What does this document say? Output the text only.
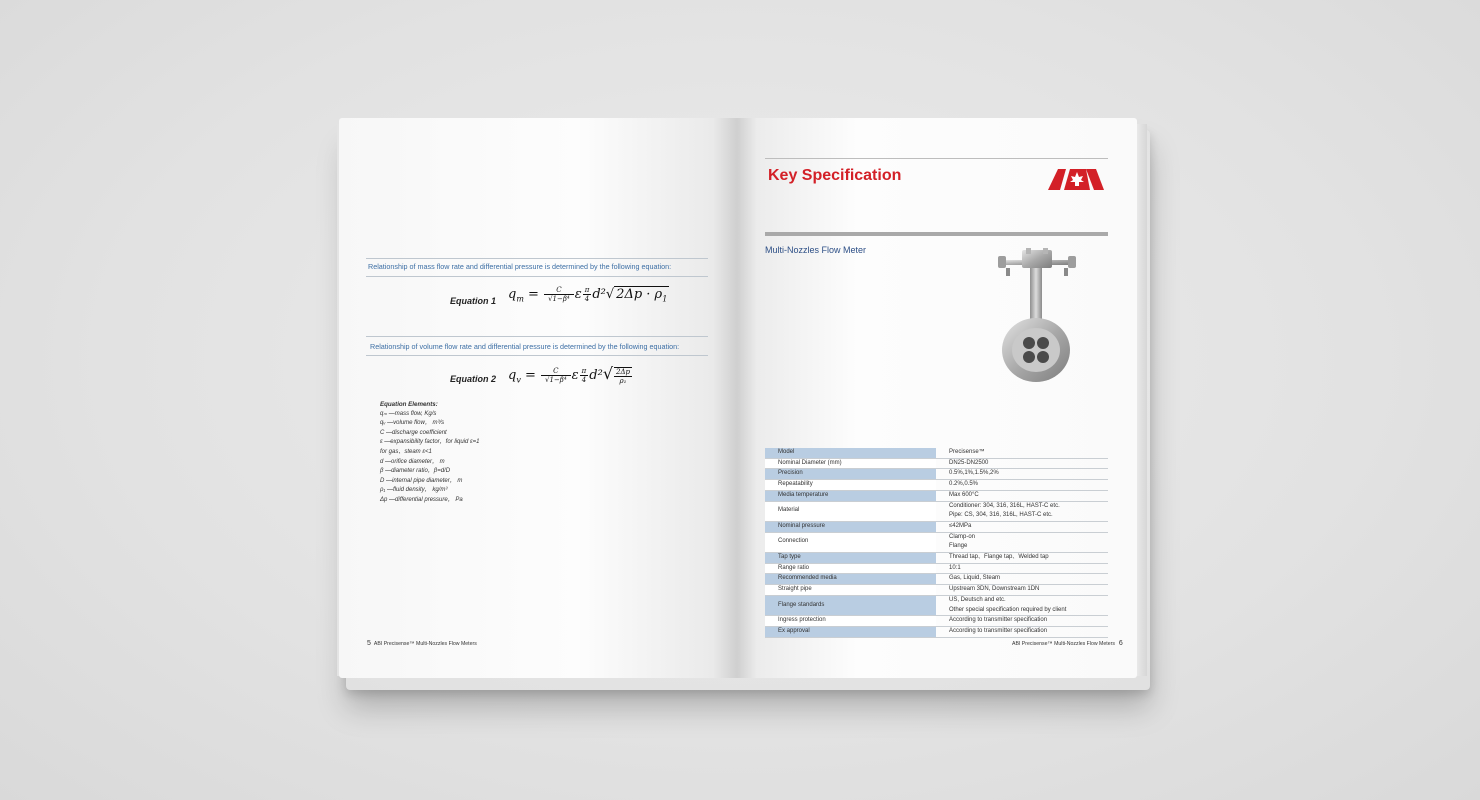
Relationship of mass flow rate and differential pressure is determined by the following equation:
Equation 1 $q_m = \frac{C}{\text{√1−β⁴}}$ ε $\frac{\pi}{4} d^2√$ $2\Delta p \cdot \rho_1$
Relationship of volume flow rate and differential pressure is determined by the following equation:
Equation 2 $q_v = \frac{C}{\text{√1−β⁴}}$ ε $\frac{\pi}{4} d^2√ \frac{2\Delta p}{\text{ρ₁}}$
Equation Elements:
qₘ —mass flow, Kg/s
qᵥ —volume flow， m³/s
C —discharge coefficient
ε —expansibility factor，for liquid ε=1
for gas、steam ε<1
d —orifice diameter， m
β —diameter ratio，β=d/D
D —internal pipe diameter， m
ρ₁ —fluid density， kg/m³
Δp —differential pressure， Pa
5 ABI Precisense™ Multi-Nozzles Flow Meters
Key Specification
Multi-Nozzles Flow Meter
Model	Precisense™

Nominal Diameter (mm)	DN25-DN2500

Precision	0.5%,1%,1.5%,2%

Repeatability	0.2%,0.5%

Media temperature	Max 600°C

Material	Conditioner: 304, 316, 316L, HAST-C etc.
Pipe: CS, 304, 316, 316L, HAST-C etc.

Nominal pressure	≤42MPa

Connection	Clamp-on
Flange

Tap type	Thread tap、Flange tap、Welded tap

Range ratio	10:1

Recommended media	Gas, Liquid, Steam

Straight pipe	Upstream 3DN, Downstream 1DN

Flange standards	US, Deutsch and etc.
Other special specification required by client

Ingress protection	According to transmitter specification

Ex approval	According to transmitter specification
ABI Precisense™ Multi-Nozzles Flow Meters 6
